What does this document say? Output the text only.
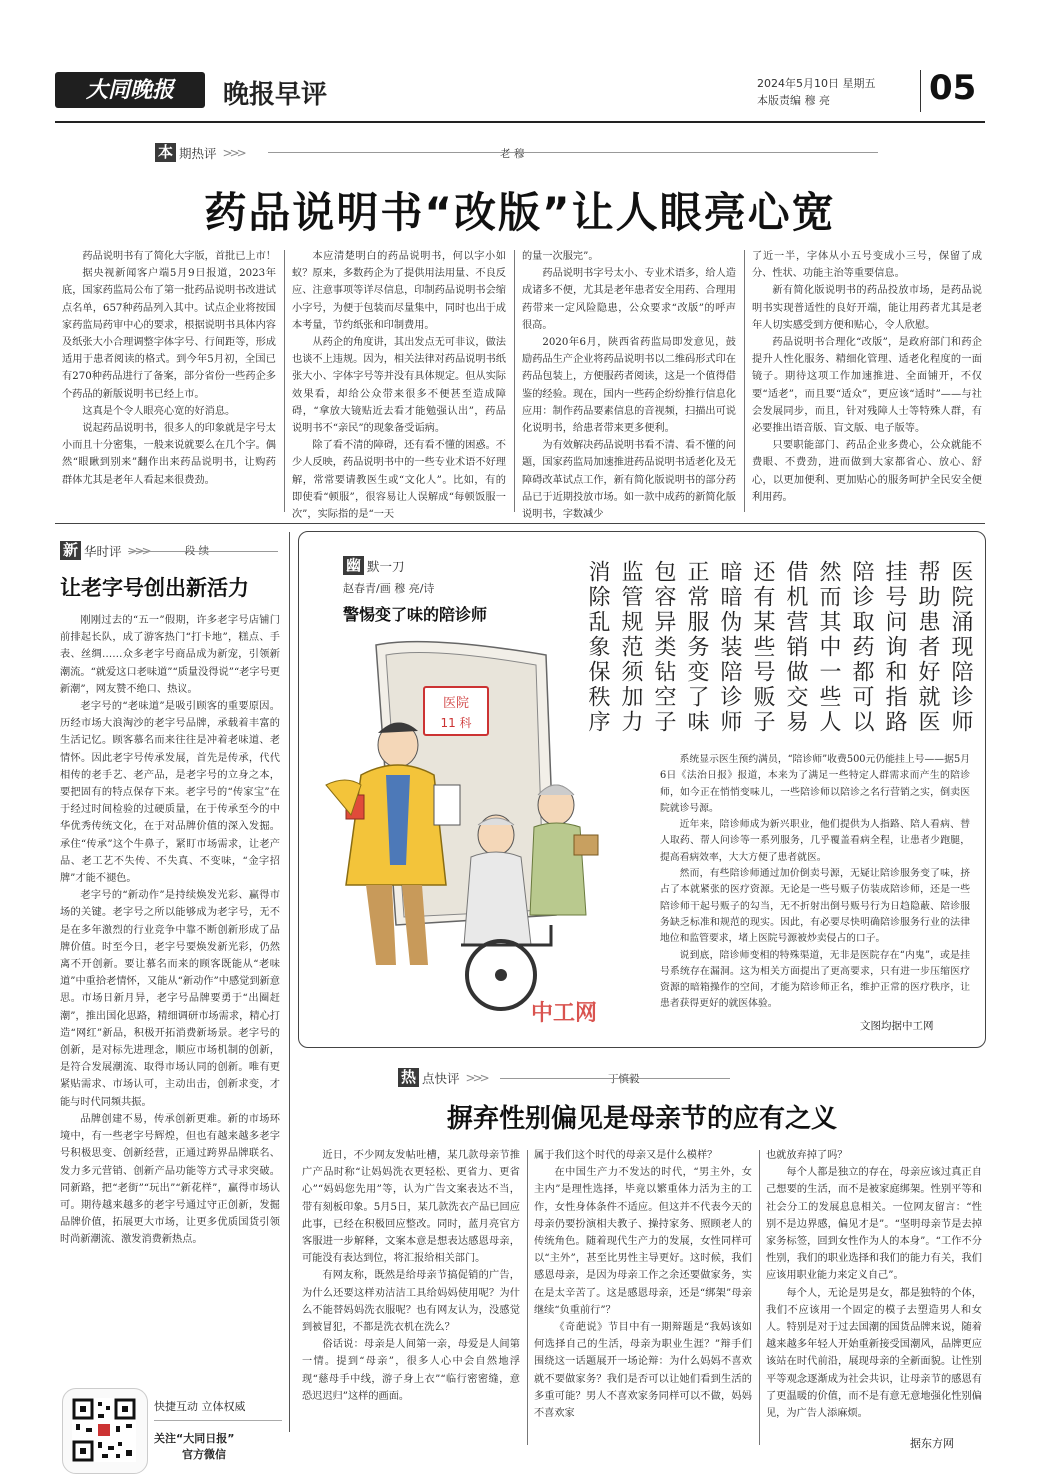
大同晚报	晚报早评	2024年5月10日 星期五
本版责编 穆 亮	05
本 期热评 >>>	老 穆
药品说明书“改版”让人眼亮心宽

药品说明书有了简化大字版，首批已上市！

据央视新闻客户端5月9日报道，2023年底，国家药监局公布了第一批药品说明书改进试点名单，657种药品列入其中。试点企业将按国家药监局药审中心的要求，根据说明书具体内容及纸张大小合理调整字体字号、行间距等，形成适用于患者阅读的格式。到今年5月初，全国已有270种药品进行了备案，部分省份一些药企多个药品的新版说明书已经上市。

这真是个令人眼亮心宽的好消息。

说起药品说明书，很多人的印象就是字号太小而且十分密集，一般来说就要么在几个字。偶然“眼瞅到别来”翻作出来药品说明书，让购药群体尤其是老年人看起来很费劲。

本应清楚明白的药品说明书，何以字小如蚁？原来，多数药企为了提供用法用量、不良反应、注意事项等详尽信息，印制药品说明书会缩小字号，为便于包装而尽量集中，同时也出于成本考量，节约纸张和印制费用。

从药企的角度讲，其出发点无可非议，做法也谈不上违规。因为，相关法律对药品说明书纸张大小、字体字号等并没有具体规定。但从实际效果看，却给公众带来很多不便甚至造成障碍，“拿放大镜贴近去看才能勉强认出”，药品说明书不“亲民”的现象备受诟病。

除了看不清的障碍，还有看不懂的困惑。不少人反映，药品说明书中的一些专业术语不好理解，常常要请教医生或“文化人”。比如，有的即使看“顿服”，很容易让人误解成“每顿饭服一次”，实际指的是“一天

的量一次服完”。

药品说明书字号太小、专业术语多，给人造成诸多不便，尤其是老年患者安全用药、合理用药带来一定风险隐患，公众要求“改版”的呼声很高。

2020年6月，陕西省药监局即发意见，鼓励药品生产企业将药品说明书以二维码形式印在药品包装上，方便服药者阅读，这是一个值得借鉴的经验。现在，国内一些药企纷纷推行信息化应用：制作药品要素信息的音视频，扫描出可说化说明书，给患者带来更多便利。

为有效解决药品说明书看不清、看不懂的问题，国家药监局加速推进药品说明书适老化及无障碍改革试点工作，新有简化版说明书的部分药品已于近期投放市场。如一款中成药的新简化版说明书，字数减少

了近一半，字体从小五号变成小三号，保留了成分、性状、功能主治等重要信息。

新有简化版说明书的药品投放市场，是药品说明书实现普适性的良好开端，能让用药者尤其是老年人切实感受到方便和贴心，令人欣慰。

药品说明书合理化“改版”，是政府部门和药企提升人性化服务、精细化管理、适老化程度的一面镜子。期待这项工作加速推进、全面铺开，不仅要“适老”，而且要“适众”，更应该“适时”——与社会发展同步，而且，针对残障人士等特殊人群，有必要推出语音版、盲文版、电子版等。

只要职能部门、药品企业多费心，公众就能不费眼、不费劲，进而做到大家都省心、放心、舒心，以更加便利、更加贴心的服务呵护全民安全便利用药。

新 华时评 >>>	段 续
让老字号创出新活力

刚刚过去的“五一”假期，许多老字号店铺门前排起长队，成了游客热门“打卡地”，糕点、手表、丝绸……众多老字号商品成为新宠，引领新潮流。“就爱这口老味道”“质量没得说”“老字号更新潮”，网友赞不绝口、热议。

老字号的“老味道”是吸引顾客的重要原因。历经市场大浪淘沙的老字号品牌，承载着丰富的生活记忆。顾客慕名而来往往是冲着老味道、老情怀。因此老字号传承发展，首先是传承，代代相传的老手艺、老产品，是老字号的立身之本，要把固有的特点保存下来。老字号的“传家宝”在于经过时间检验的过硬质量，在于传承至今的中华优秀传统文化，在于对品牌价值的深入发掘。承住“传承”这个牛鼻子，紧盯市场需求，让老产品、老工艺不失传、不失真、不变味，“金字招牌”才能不褪色。

老字号的“新动作”是持续焕发光彩、赢得市场的关键。老字号之所以能够成为老字号，无不是在多年激烈的行业竞争中靠不断创新形成了品牌价值。时至今日，老字号要焕发新光彩，仍然离不开创新。要让慕名而来的顾客既能从“老味道”中重拾老情怀，又能从“新动作”中感觉到新意思。市场日新月异，老字号品牌要勇于“出圈赶潮”，推出国化思路，精细调研市场需求，精心打造“网红”新品，积极开拓消费新场景。老字号的创新，是对标先进理念，顺应市场机制的创新，是符合发展潮流、取得市场认同的创新。唯有更紧贴需求、市场认可，主动出击，创新求变，才能与时代同频共振。

品牌创建不易，传承创新更难。新的市场环境中，有一些老字号辉煌，但也有越来越多老字号积极思变、创新经营，正通过跨界品牌联名、发力多元营销、创新产品功能等方式寻求突破。同新路，把“老街”“玩出”“新花样”，赢得市场认可。期待越来越多的老字号通过守正创新，发掘品牌价值，拓展更大市场，让更多优质国货引领时尚新潮流、激发消费新热点。

幽 默一刀
赵春青/画 穆 亮/诗
警惕变了味的陪诊师
医院
11 科
中工网
医院涌现陪诊师
帮助患者好就医
挂号问询和指路
陪诊取药都可以
然而其中一些人
借机营销做交易
还有某些号贩子
暗暗伪装陪诊师
正常服务变了味
包容异类钻空子
监管规范须加力
消除乱象保秩序

系统显示医生预约满员，“陪诊师”收费500元仍能挂上号——据5月6日《法治日报》报道，本来为了满足一些特定人群需求而产生的陪诊师，如今正在悄悄变味儿，一些陪诊师以陪诊之名行营销之实，倒卖医院就诊号源。

近年来，陪诊师成为新兴职业，他们提供为人指路、陪人看病、替人取药、帮人问诊等一系列服务，几乎覆盖看病全程，让患者少跑腿，提高看病效率，大大方便了患者就医。

然而，有些陪诊师通过加价倒卖号源，无疑让陪诊服务变了味，挤占了本就紧张的医疗资源。无论是一些号贩子仿装成陪诊师，还是一些陪诊师干起号贩子的勾当，无不折射出倒号贩号行为日趋隐蔽、陪诊服务缺乏标准和规范的现实。因此，有必要尽快明确陪诊服务行业的法律地位和监管要求，堵上医院号源被炒卖侵占的口子。

说到底，陪诊师变相的特殊渠道，无非是医院存在“内鬼”，或是挂号系统存在漏洞。这为相关方面提出了更高要求，只有进一步压缩医疗资源的暗箱操作的空间，才能为陪诊师正名，维护正常的医疗秩序，让患者获得更好的就医体验。

文图均据中工网
热 点快评 >>>	丁慎毅
摒弃性别偏见是母亲节的应有之义

近日，不少网友发帖吐槽，某几款母亲节推广产品时称“让妈妈洗衣更轻松、更省力、更省心”“妈妈您先用”等，认为广告文案表达不当，带有刻板印象。5月5日，某几款洗衣产品已回应此事，已经在积极回应整改。同时，蓝月亮官方客服进一步解释，文案本意是想表达感恩母亲，可能没有表达到位，将汇报给相关部门。

有网友称，既然是给母亲节搞促销的广告，为什么还要这样劝洁洁工具给妈妈使用呢？为什么不能替妈妈洗衣服呢？也有网友认为，没感觉到被冒犯，不都是洗衣机在洗么？

俗话说：母亲是人间第一亲，母爱是人间第一情。提到“母亲”，很多人心中会自然地浮现“慈母手中线，游子身上衣”“临行密密缝，意恐迟迟归”这样的画面。

属于我们这个时代的母亲又是什么模样？

在中国生产力不发达的时代，“男主外，女主内”是理性选择，毕竟以繁重体力活为主的工作，女性身体条件不适应。但这并不代表今天的母亲仍要扮演相夫教子、操持家务、照顾老人的传统角色。随着现代生产力的发展，女性同样可以“主外”，甚至比男性主导更好。这时候，我们感恩母亲，是因为母亲工作之余还要做家务，实在是太辛苦了。这是感恩母亲，还是“绑架”母亲继续“负重前行”？

《奇葩说》节目中有一期辩题是“我妈该如何选择自己的生活，母亲为职业生涯？”辩手们围绕这一话题展开一场论辩：为什么妈妈不喜欢就不要做家务？我们是否可以让她们看到生活的多重可能？男人不喜欢家务同样可以不做，妈妈不喜欢家

也就放弃掉了吗？

每个人都是独立的存在，母亲应该过真正自己想要的生活，而不是被家庭绑架。性别平等和社会分工的发展息息相关。一位网友留言：“性别不是边界感，偏见才是”。“坚明母亲节是去掉家务标签，回到女性作为人的本身”。“工作不分性别，我们的职业选择和我们的能力有关，我们应该用职业能力来定义自己”。

每个人，无论是男是女，都是独特的个体，我们不应该用一个固定的模子去塑造男人和女人。特别是对于过去国潮的国货品牌来说，随着越来越多年轻人开始重新接受国潮风，品牌更应该站在时代前沿，展现母亲的全新面貌。让性别平等观念逐渐成为社会共识，让母亲节的感恩有了更温暖的价值，而不是有意无意地强化性别偏见，为广告人添麻烦。

据东方网
快捷互动 立体权威
关注“大同日报”
官方微信
